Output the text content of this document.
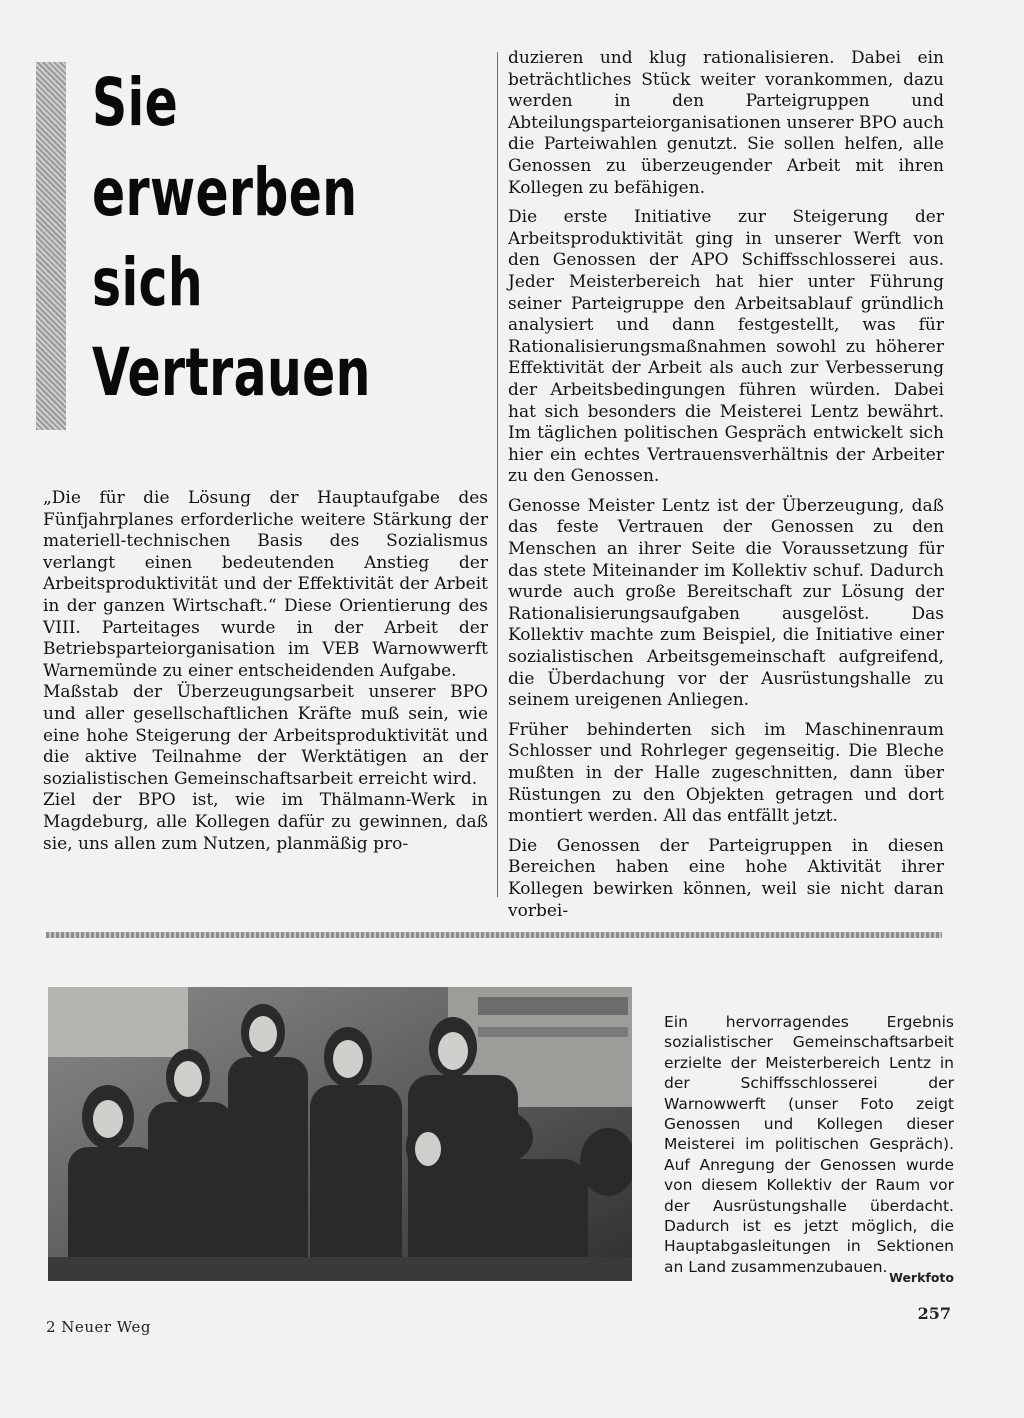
Sie
erwerben
sich
Vertrauen

„Die für die Lösung der Hauptaufgabe des Fünfjahrplanes erforderliche weitere Stärkung der materiell-technischen Basis des Sozialismus verlangt einen bedeutenden Anstieg der Arbeitsproduktivität und der Effektivität der Arbeit in der ganzen Wirtschaft.“ Diese Orientierung des VIII. Parteitages wurde in der Arbeit der Betriebsparteiorganisation im VEB Warnowwerft Warnemünde zu einer entscheidenden Aufgabe.

Maßstab der Überzeugungsarbeit unserer BPO und aller gesellschaftlichen Kräfte muß sein, wie eine hohe Steigerung der Arbeitsproduktivität und die aktive Teilnahme der Werktätigen an der sozialistischen Gemeinschaftsarbeit erreicht wird.

Ziel der BPO ist, wie im Thälmann-Werk in Magdeburg, alle Kollegen dafür zu gewinnen, daß sie, uns allen zum Nutzen, planmäßig pro-

duzieren und klug rationalisieren. Dabei ein beträchtliches Stück weiter vorankommen, dazu werden in den Parteigruppen und Abteilungsparteiorganisationen unserer BPO auch die Parteiwahlen genutzt. Sie sollen helfen, alle Genossen zu überzeugender Arbeit mit ihren Kollegen zu befähigen.

Die erste Initiative zur Steigerung der Arbeitsproduktivität ging in unserer Werft von den Genossen der APO Schiffsschlosserei aus. Jeder Meisterbereich hat hier unter Führung seiner Parteigruppe den Arbeitsablauf gründlich analysiert und dann festgestellt, was für Rationalisierungsmaßnahmen sowohl zu höherer Effektivität der Arbeit als auch zur Verbesserung der Arbeitsbedingungen führen würden. Dabei hat sich besonders die Meisterei Lentz bewährt. Im täglichen politischen Gespräch entwickelt sich hier ein echtes Vertrauensverhältnis der Arbeiter zu den Genossen.

Genosse Meister Lentz ist der Überzeugung, daß das feste Vertrauen der Genossen zu den Menschen an ihrer Seite die Voraussetzung für das stete Miteinander im Kollektiv schuf. Dadurch wurde auch große Bereitschaft zur Lösung der Rationalisierungsaufgaben ausgelöst. Das Kollektiv machte zum Beispiel, die Initiative einer sozialistischen Arbeitsgemeinschaft aufgreifend, die Überdachung vor der Ausrüstungshalle zu seinem ureigenen Anliegen.

Früher behinderten sich im Maschinenraum Schlosser und Rohrleger gegenseitig. Die Bleche mußten in der Halle zugeschnitten, dann über Rüstungen zu den Objekten getragen und dort montiert werden. All das entfällt jetzt.

Die Genossen der Parteigruppen in diesen Bereichen haben eine hohe Aktivität ihrer Kollegen bewirken können, weil sie nicht daran vorbei-

Ein hervorragendes Ergebnis sozialistischer Gemeinschaftsarbeit erzielte der Meisterbereich Lentz in der Schiffsschlosserei der Warnowwerft (unser Foto zeigt Genossen und Kollegen dieser Meisterei im politischen Gespräch). Auf Anregung der Genossen wurde von diesem Kollektiv der Raum vor der Ausrüstungshalle überdacht. Dadurch ist es jetzt möglich, die Hauptabgasleitungen in Sektionen an Land zusammenzubauen.
Werkfoto
2 Neuer Weg
257
